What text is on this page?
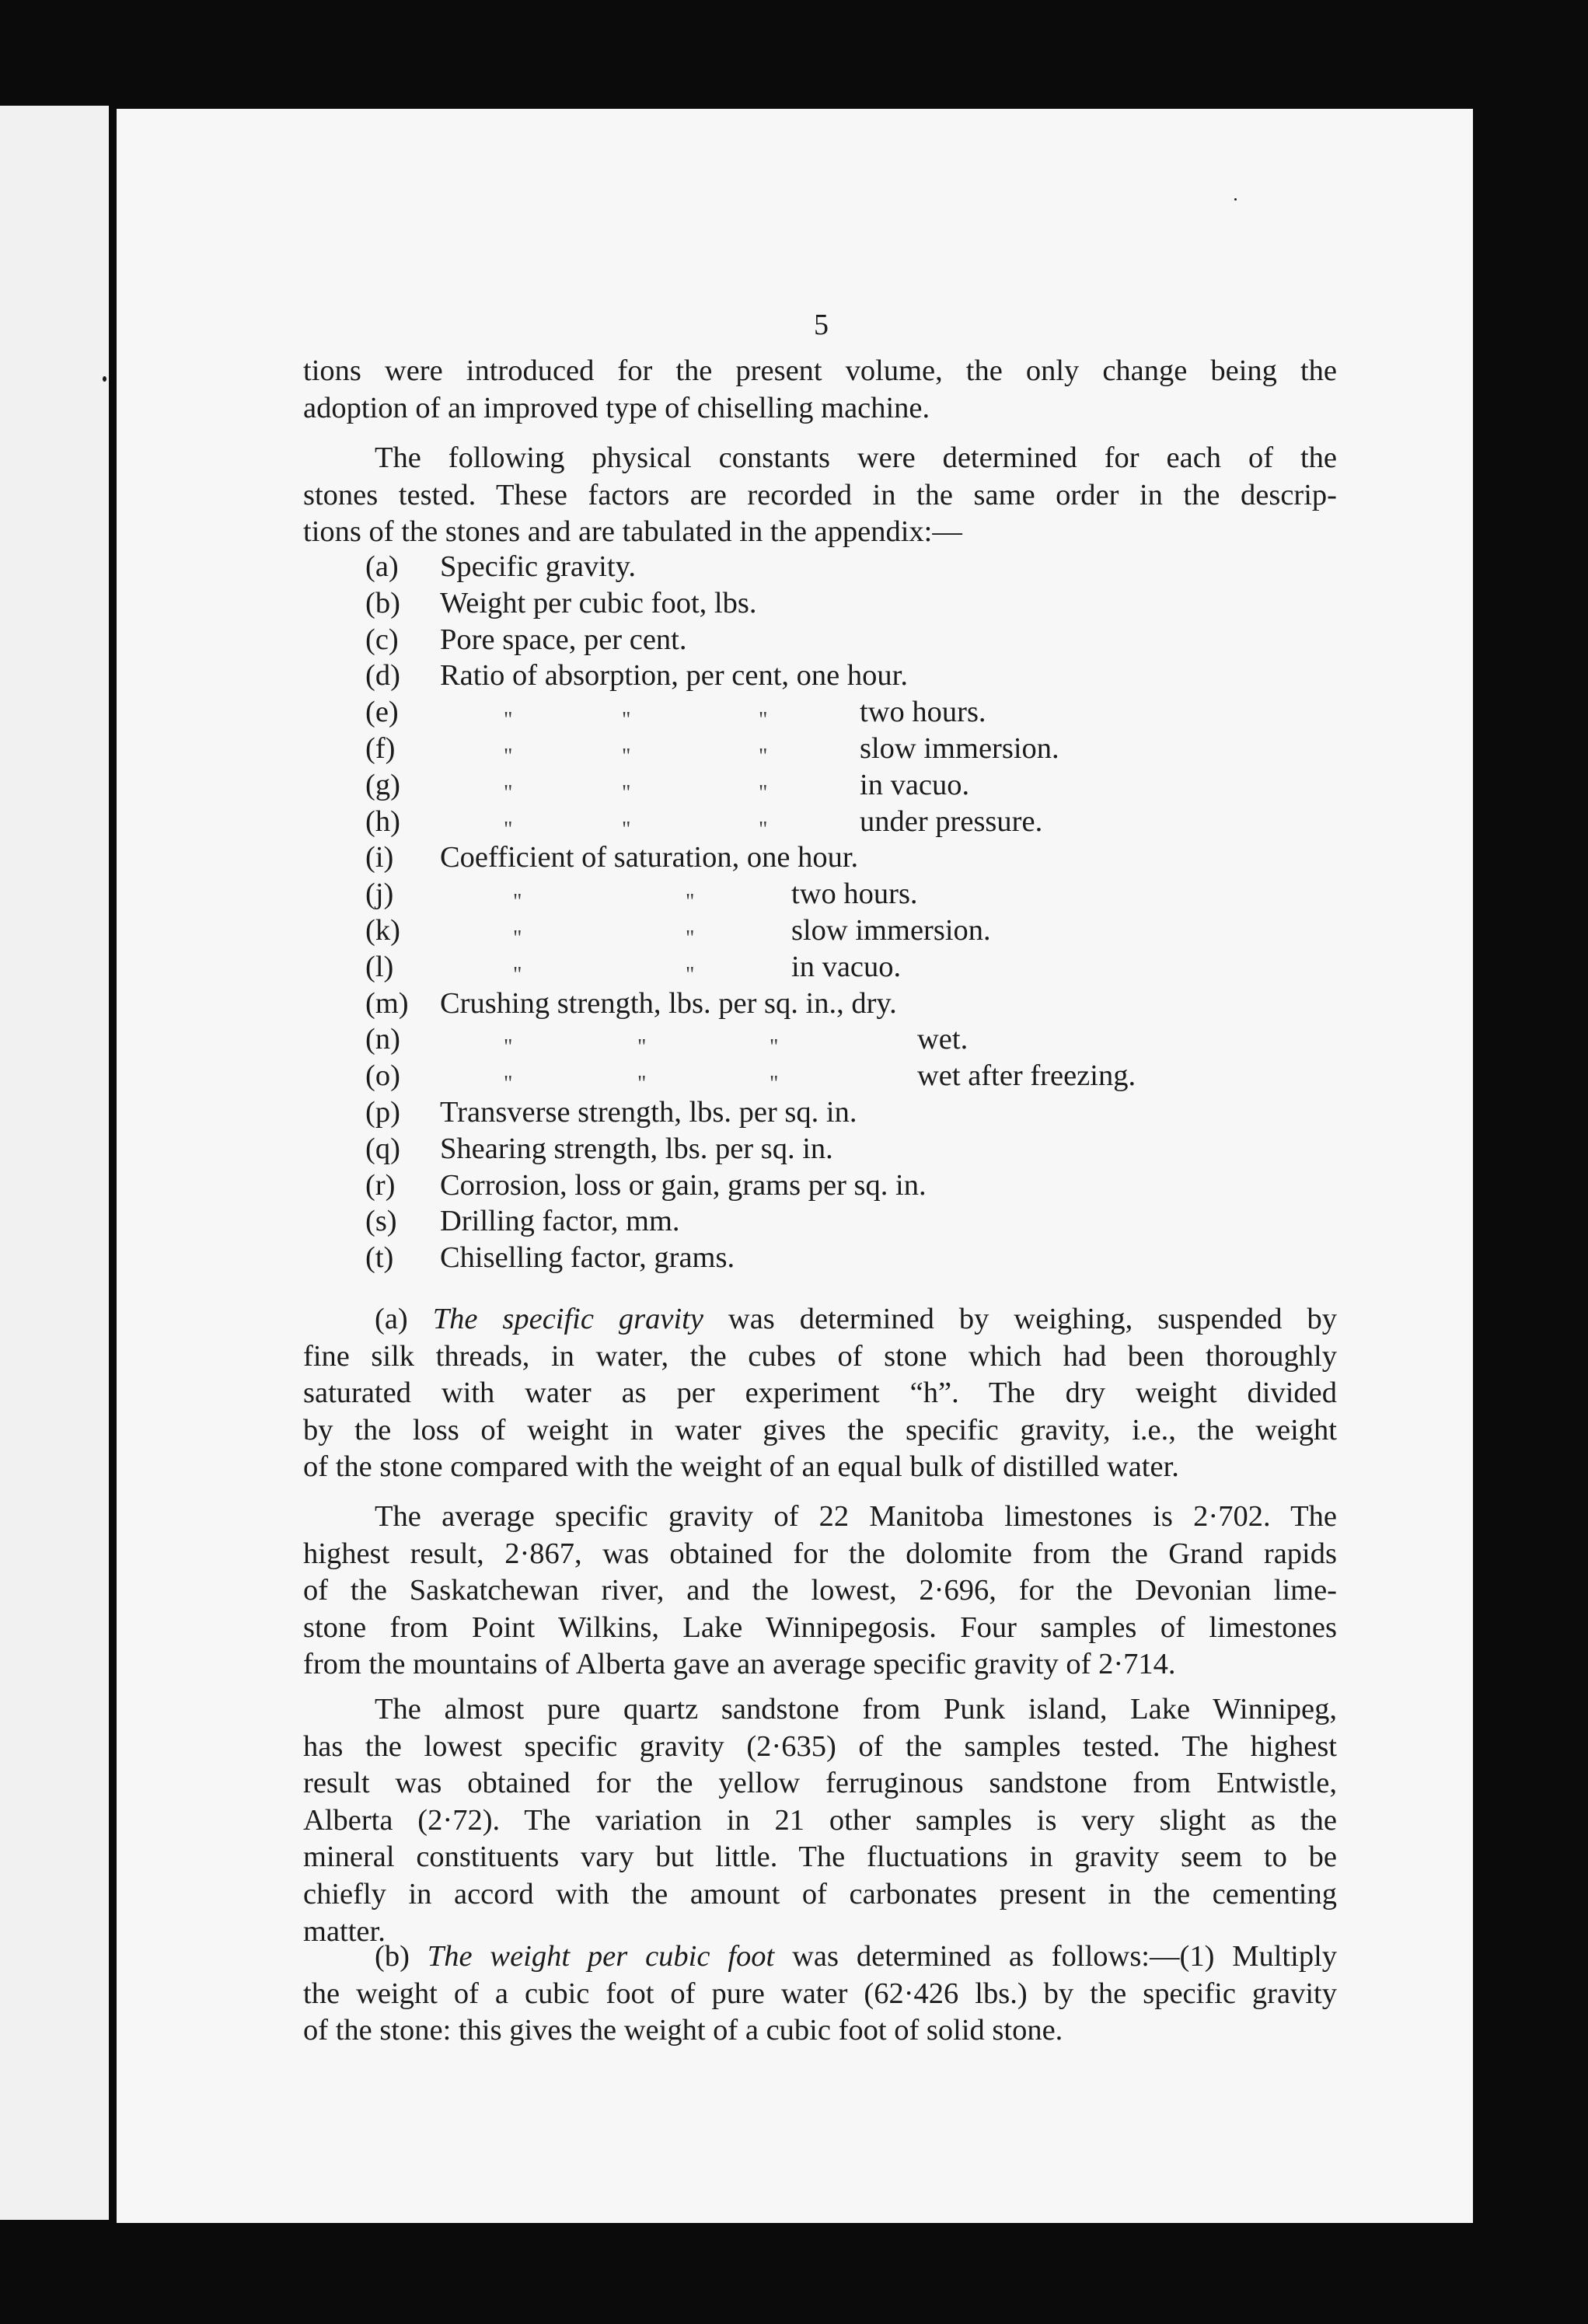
5
tions were introduced for the present volume, the only change being the
adoption of an improved type of chiselling machine.
The following physical constants were determined for each of the
stones tested. These factors are recorded in the same order in the descrip-
tions of the stones and are tabulated in the appendix:—
(a) Specific gravity.
(b) Weight per cubic foot, lbs.
(c) Pore space, per cent.
(d) Ratio of absorption, per cent, one hour.
(e)	"	"	"	two hours.
(f)	"	"	"	slow immersion.
(g)	"	"	"	in vacuo.
(h)	"	"	"	under pressure.
(i) Coefficient of saturation, one hour.
(j)	"	"	two hours.
(k)	"	"	slow immersion.
(l)	"	"	in vacuo.
(m) Crushing strength, lbs. per sq. in., dry.
(n)	"	"	"	wet.
(o)	"	"	"	wet after freezing.
(p) Transverse strength, lbs. per sq. in.
(q) Shearing strength, lbs. per sq. in.
(r) Corrosion, loss or gain, grams per sq. in.
(s) Drilling factor, mm.
(t) Chiselling factor, grams.
(a) The specific gravity was determined by weighing, suspended by
fine silk threads, in water, the cubes of stone which had been thoroughly
saturated with water as per experiment “h”. The dry weight divided
by the loss of weight in water gives the specific gravity, i.e., the weight
of the stone compared with the weight of an equal bulk of distilled water.
The average specific gravity of 22 Manitoba limestones is 2·702. The
highest result, 2·867, was obtained for the dolomite from the Grand rapids
of the Saskatchewan river, and the lowest, 2·696, for the Devonian lime-
stone from Point Wilkins, Lake Winnipegosis. Four samples of limestones
from the mountains of Alberta gave an average specific gravity of 2·714.
The almost pure quartz sandstone from Punk island, Lake Winnipeg,
has the lowest specific gravity (2·635) of the samples tested. The highest
result was obtained for the yellow ferruginous sandstone from Entwistle,
Alberta (2·72). The variation in 21 other samples is very slight as the
mineral constituents vary but little. The fluctuations in gravity seem to be
chiefly in accord with the amount of carbonates present in the cementing
matter.
(b) The weight per cubic foot was determined as follows:—(1) Multiply
the weight of a cubic foot of pure water (62·426 lbs.) by the specific gravity
of the stone: this gives the weight of a cubic foot of solid stone.
